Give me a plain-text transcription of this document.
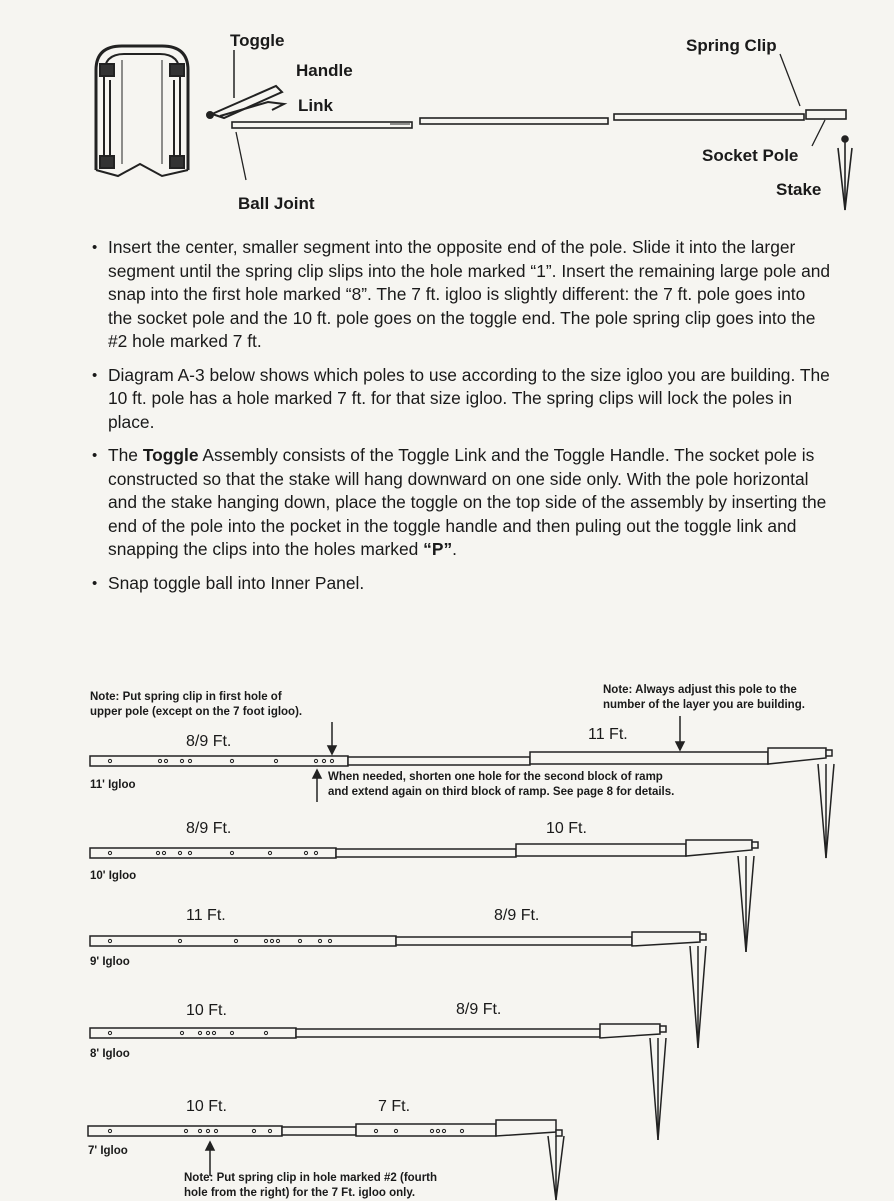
Toggle
Handle
Link
Ball Joint
Spring Clip
Socket Pole
Stake
• Insert the center, smaller segment into the opposite end of the pole. Slide it into the larger segment until the spring clip slips into the hole marked “1”. Insert the remaining large pole and snap into the first hole marked “8”. The 7 ft. igloo is slightly different: the 7 ft. pole goes into the socket pole and the 10 ft. pole goes on the toggle end. The pole spring clip goes into the #2 hole marked 7 ft.
• Diagram A-3 below shows which poles to use according to the size igloo you are building. The 10 ft. pole has a hole marked 7 ft. for that size igloo. The spring clips will lock the poles in place.
• The Toggle Assembly consists of the Toggle Link and the Toggle Handle. The socket pole is constructed so that the stake will hang downward on one side only. With the pole horizontal and the stake hanging down, place the toggle on the top side of the assembly by inserting the end of the pole into the pocket in the toggle handle and then puling out the toggle link and snapping the clips into the holes marked “P”.
• Snap toggle ball into Inner Panel.
Note: Put spring clip in first hole of
upper pole (except on the 7 foot igloo).
Note: Always adjust this pole to the
number of the layer you are building.
When needed, shorten one hole for the second block of ramp
and extend again on third block of ramp. See page 8 for details.
Note: Put spring clip in hole marked #2 (fourth
hole from the right) for the 7 Ft. igloo only.
8/9 Ft.	11 Ft.
11' Igloo
8/9 Ft.	10 Ft.
10' Igloo
11 Ft.	8/9 Ft.
9' Igloo
10 Ft.	8/9 Ft.
8' Igloo
10 Ft.	7 Ft.
7' Igloo
